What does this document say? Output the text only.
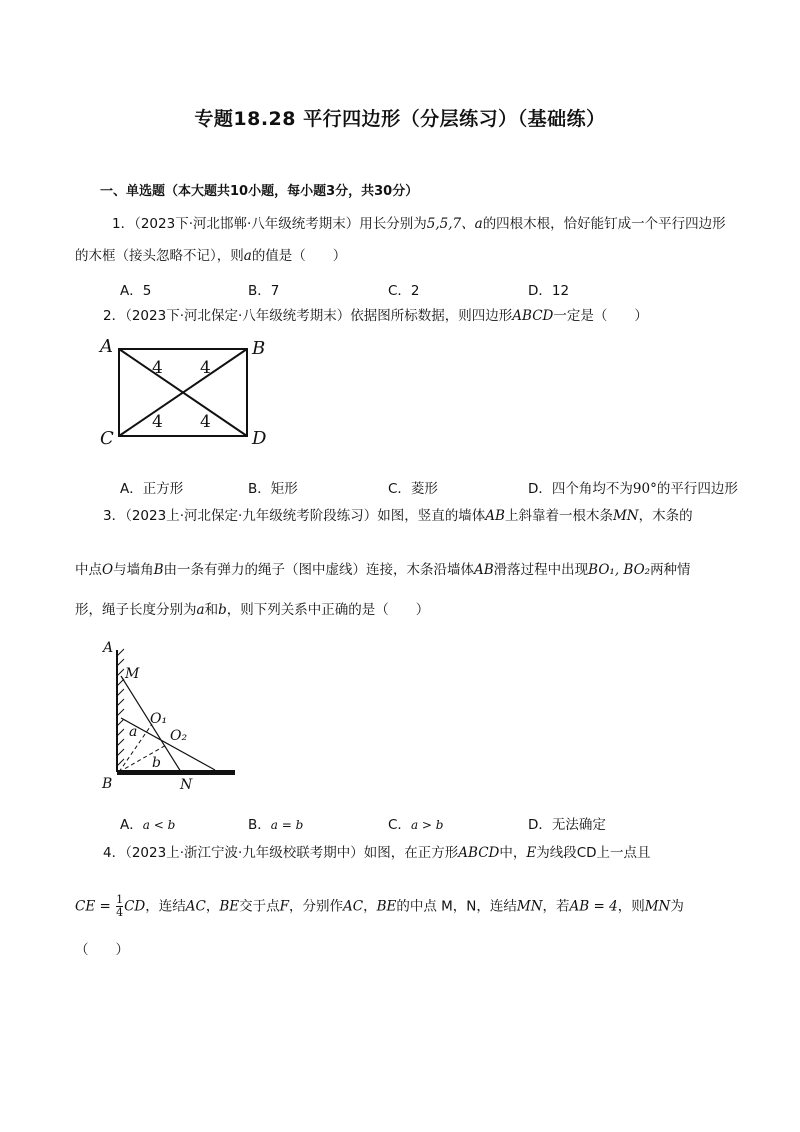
专题18.28 平行四边形（分层练习）（基础练）
一、单选题（本大题共10小题，每小题3分，共30分）
1．（2023下·河北邯郸·八年级统考期末）用长分别为5,5,7、a的四根木根，恰好能钉成一个平行四边形
的木框（接头忽略不记），则a的值是（　　）
A．5	B．7	C．2	D．12
2．（2023下·河北保定·八年级统考期末）依据图所标数据，则四边形ABCD一定是（　　）
A	B
C	D
4 4
4 4
A．正方形	B．矩形	C．菱形	D．四个角均不为90°的平行四边形
3．（2023上·河北保定·九年级统考阶段练习）如图，竖直的墙体AB上斜靠着一根木条MN，木条的
中点O与墙角B由一条有弹力的绳子（图中虚线）连接，木条沿墙体AB滑落过程中出现BO₁, BO₂两种情
形，绳子长度分别为a和b，则下列关系中正确的是（　　）
A
M
O₁
O₂
a
b
B	N
A．a < b	B．a = b	C．a > b	D．无法确定
4．（2023上·浙江宁波·九年级校联考期中）如图，在正方形ABCD中，E为线段CD上一点且
CE = $\frac{1}{4}$ CD，连结AC，BE交于点F，分别作AC，BE的中点 M，N，连结MN，若AB = 4，则MN为
（　　）
